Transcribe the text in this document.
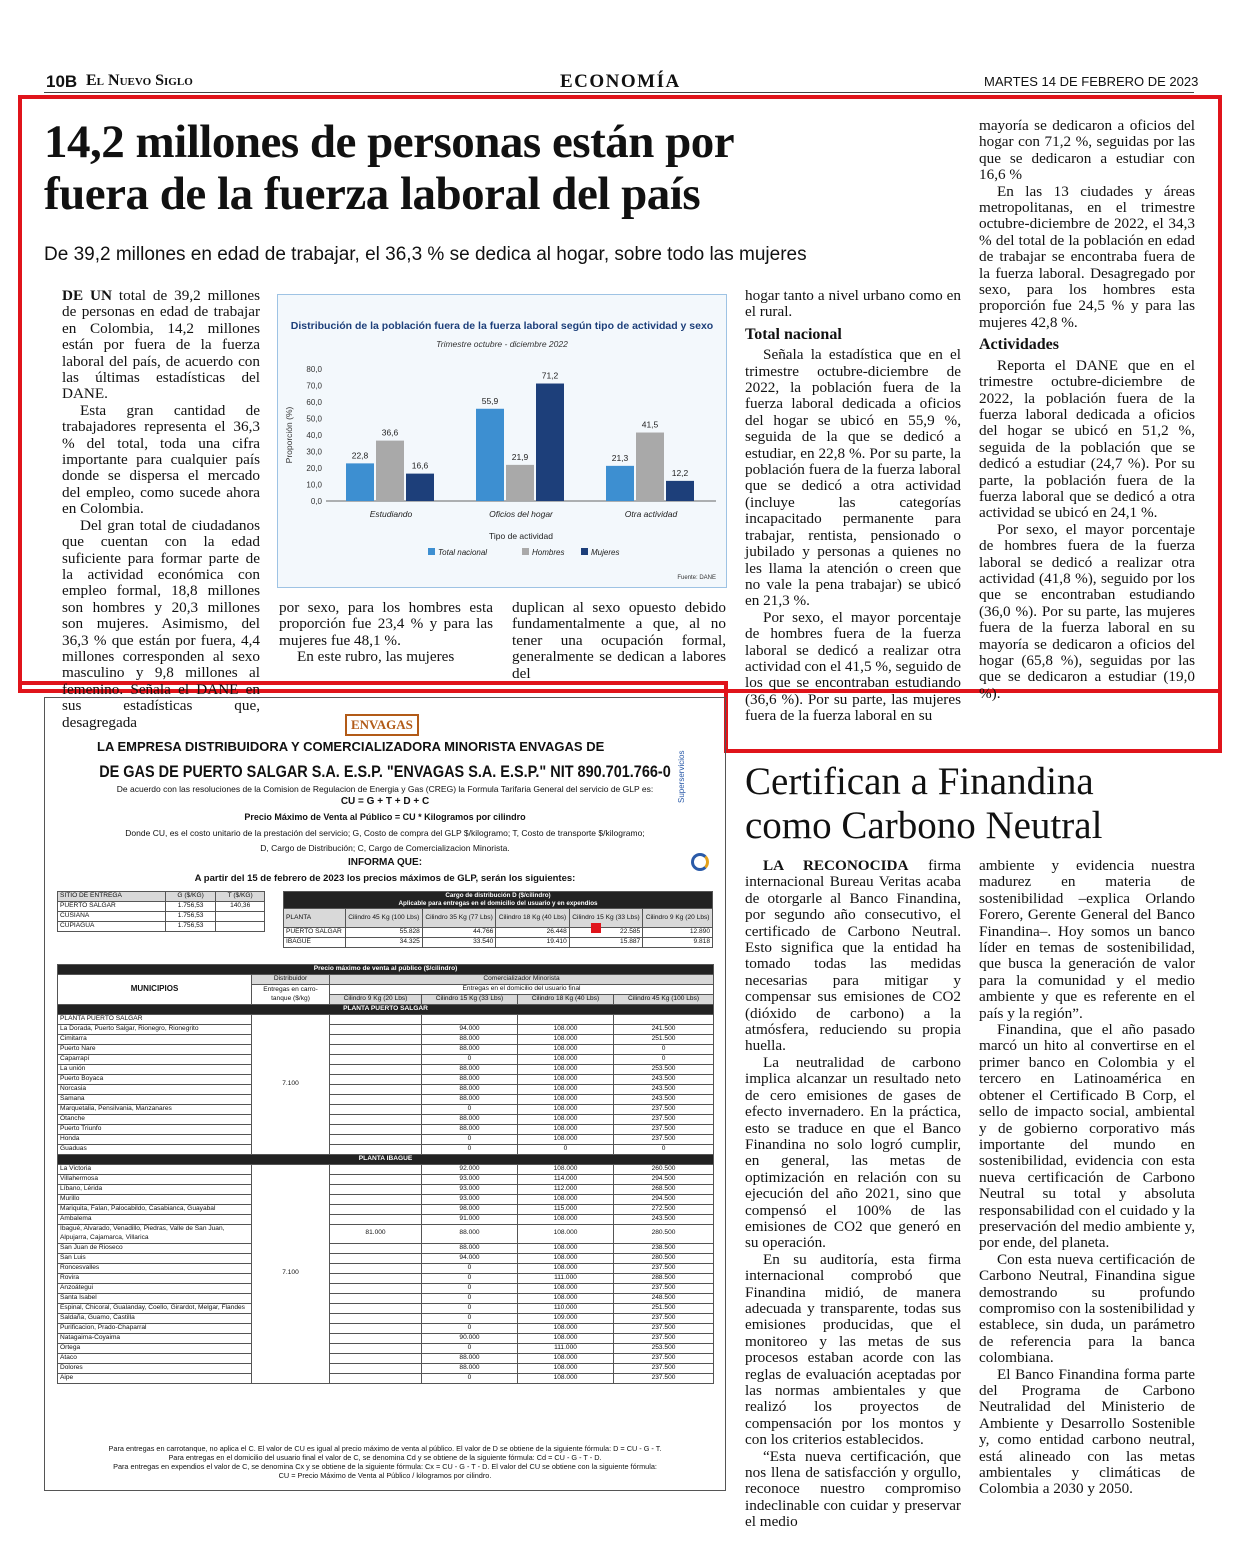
10B El Nuevo Siglo	ECONOMÍA	MARTES 14 DE FEBRERO DE 2023
14,2 millones de personas están por
fuera de la fuerza laboral del país
De 39,2 millones en edad de trabajar, el 36,3 % se dedica al hogar, sobre todo las mujeres

DE UN total de 39,2 millones de personas en edad de trabajar en Colombia, 14,2 millones están por fuera de la fuerza laboral del país, de acuerdo con las últimas estadísticas del DANE.

Esta gran cantidad de trabajadores representa el 36,3 % del total, toda una cifra importante para cualquier país donde se dispersa el mercado del empleo, como sucede ahora en Colombia.

Del gran total de ciudadanos que cuentan con la edad suficiente para formar parte de la actividad económica con empleo formal, 18,8 millones son hombres y 20,3 millones son mujeres. Asimismo, del 36,3 % que están por fuera, 4,4 millones corresponden al sexo masculino y 9,8 millones al femenino. Señala el DANE en sus estadísticas que, desagregada

Distribución de la población fuera de la fuerza laboral según tipo de actividad y sexo
Trimestre octubre - diciembre 2022
0,0
10,0
20,0
30,0
40,0
50,0
60,0
70,0
80,0
Proporción (%)	22,8
36,6
16,6
Estudiando
55,9
21,9
71,2
Oficios del hogar
21,3
41,5
12,2
Otra actividad
Tipo de actividad
Total nacional	Hombres	Mujeres
Fuente: DANE

por sexo, para los hombres esta proporción fue 23,4 % y para las mujeres fue 48,1 %.

En este rubro, las mujeres

duplican al sexo opuesto debido fundamentalmente a que, al no tener una ocupación formal, generalmente se dedican a labores del

hogar tanto a nivel urbano como en el rural.

Total nacional

Señala la estadística que en el trimestre octubre-diciembre de 2022, la población fuera de la fuerza laboral dedicada a oficios del hogar se ubicó en 55,9 %, seguida de la que se dedicó a estudiar, en 22,8 %. Por su parte, la población fuera de la fuerza laboral que se dedicó a otra actividad (incluye las categorías incapacitado permanente para trabajar, rentista, pensionado o jubilado y personas a quienes no les llama la atención o creen que no vale la pena trabajar) se ubicó en 21,3 %.

Por sexo, el mayor porcentaje de hombres fuera de la fuerza laboral se dedicó a realizar otra actividad con el 41,5 %, seguido de los que se encontraban estudiando (36,6 %). Por su parte, las mujeres fuera de la fuerza laboral en su

mayoría se dedicaron a oficios del hogar con 71,2 %, seguidas por las que se dedicaron a estudiar con 16,6 %

En las 13 ciudades y áreas metropolitanas, en el trimestre octubre-diciembre de 2022, el 34,3 % del total de la población en edad de trabajar se encontraba fuera de la fuerza laboral. Desagregado por sexo, para los hombres esta proporción fue 24,5 % y para las mujeres 42,8 %.

Actividades

Reporta el DANE que en el trimestre octubre-diciembre de 2022, la población fuera de la fuerza laboral dedicada a oficios del hogar se ubicó en 51,2 %, seguida de la población que se dedicó a estudiar (24,7 %). Por su parte, la población fuera de la fuerza laboral que se dedicó a otra actividad se ubicó en 24,1 %.

Por sexo, el mayor porcentaje de hombres fuera de la fuerza laboral se dedicó a realizar otra actividad (41,8 %), seguido por los que se encontraban estudiando (36,0 %). Por su parte, las mujeres fuera de la fuerza laboral en su mayoría se dedicaron a oficios del hogar (65,8 %), seguidas por las que se dedicaron a estudiar (19,0 %).

ENVAGAS
LA EMPRESA DISTRIBUIDORA Y COMERCIALIZADORA MINORISTA ENVAGAS DE
DE GAS DE PUERTO SALGAR S.A. E.S.P. "ENVAGAS S.A. E.S.P." NIT 890.701.766-0
De acuerdo con las resoluciones de la Comision de Regulacion de Energia y Gas (CREG) la Formula Tarifaria General del servicio de GLP es:
CU = G + T + D + C
Precio Máximo de Venta al Público = CU * Kilogramos por cilindro
Donde CU, es el costo unitario de la prestación del servicio; G, Costo de compra del GLP $/kilogramo; T, Costo de transporte $/kilogramo;
D, Cargo de Distribución; C, Cargo de Comercializacion Minorista.
INFORMA QUE:
A partir del 15 de febrero de 2023 los precios máximos de GLP, serán los siguientes:
Superservicios
SITIO DE ENTREGA	G ($/KG)	T ($/KG)
PUERTO SALGAR	1.756,53	140,36
CUSIANA	1.756,53	
CUPIAGUA	1.756,53	
Cargo de distribución D ($/cilindro)
Aplicable para entregas en el domicilio del usuario y en expendios					

PLANTA	Cilindro 45 Kg (100 Lbs)	Cilindro 35 Kg (77 Lbs)	Cilindro 18 Kg (40 Lbs)	Cilindro 15 Kg (33 Lbs)	Cilindro 9 Kg (20 Lbs)
PUERTO SALGAR	55.828	44.766	26.448	22.585	12.890
IBAGUE	34.325	33.540	19.410	15.887	9.818
Precio máximo de venta al público ($/cilindro)					
MUNICIPIOS	Distribuidor	Comercializador Minorista			
	Entregas en carro-tanque ($/kg)	Entregas en el domicilio del usuario final			
		Cilindro 9 Kg (20 Lbs)	Cilindro 15 Kg (33 Lbs)	Cilindro 18 Kg (40 Lbs)	Cilindro 45 Kg (100 Lbs)
PLANTA PUERTO SALGAR					
PLANTA PUERTO SALGAR	7.100				
La Dorada, Puerto Salgar, Rionegro, Rionegrito			94.000	108.000	241.500
Cimitarra			88.000	108.000	251.500
Puerto Nare			88.000	108.000	0
Caparrapí			0	108.000	0
La unión			88.000	108.000	253.500
Puerto Boyaca			88.000	108.000	243.500
Norcasia			88.000	108.000	243.500
Samana			88.000	108.000	243.500
Marquetalia, Pensilvania, Manzanares			0	108.000	237.500
Otanche			88.000	108.000	237.500
Puerto Triunfo			88.000	108.000	237.500
Honda			0	108.000	237.500
Guaduas			0	0	0
PLANTA IBAGUE					
La Victoria	7.100		92.000	108.000	260.500
Villahermosa			93.000	114.000	294.500
Líbano, Lérida			93.000	112.000	268.500
Murillo			93.000	108.000	294.500
Mariquita, Falan, Palocabildo, Casabianca, Guayabal			98.000	115.000	272.500
Ambalema			91.000	108.000	243.500
Ibagué, Alvarado, Venadillo, Piedras, Valle de San Juan, Alpujarra, Cajamarca, Villarica		81.000	88.000	108.000	280.500
San Juan de Rioseco			88.000	108.000	238.500
San Luis			94.000	108.000	280.500
Roncesvalles			0	108.000	237.500
Rovira			0	111.000	288.500
Anzoátegui			0	108.000	237.500
Santa Isabel			0	108.000	248.500
Espinal, Chicoral, Gualanday, Coello, Girardot, Melgar, Flandes			0	110.000	251.500
Saldaña, Guamo, Castilla			0	109.000	237.500
Purificacion, Prado-Chaparral			0	108.000	237.500
Natagaima-Coyaima			90.000	108.000	237.500
Ortega			0	111.000	253.500
Ataco			88.000	108.000	237.500
Dolores			88.000	108.000	237.500
Aipe			0	108.000	237.500
Para entregas en carrotanque, no aplica el C. El valor de CU es igual al precio máximo de venta al público. El valor de D se obtiene de la siguiente fórmula: D = CU - G - T.
Para entregas en el domicilio del usuario final el valor de C, se denomina Cd y se obtiene de la siguiente fórmula: Cd = CU - G - T - D.
Para entregas en expendios el valor de C, se denomina Cx y se obtiene de la siguiente fórmula: Cx = CU - G - T - D. El valor del CU se obtiene con la siguiente fórmula:
CU = Precio Máximo de Venta al Público / kilogramos por cilindro.
Certifican a Finandina
como Carbono Neutral

LA RECONOCIDA firma internacional Bureau Veritas acaba de otorgarle al Banco Finandina, por segundo año consecutivo, el certificado de Carbono Neutral. Esto significa que la entidad ha tomado todas las medidas necesarias para mitigar y compensar sus emisiones de CO2 (dióxido de carbono) a la atmósfera, reduciendo su propia huella.

La neutralidad de carbono implica alcanzar un resultado neto de cero emisiones de gases de efecto invernadero. En la práctica, esto se traduce en que el Banco Finandina no solo logró cumplir, en general, las metas de optimización en relación con su ejecución del año 2021, sino que compensó el 100% de las emisiones de CO2 que generó en su operación.

En su auditoría, esta firma internacional comprobó que Finandina midió, de manera adecuada y transparente, todas sus emisiones producidas, que el monitoreo y las metas de sus procesos estaban acorde con las reglas de evaluación aceptadas por las normas ambientales y que realizó los proyectos de compensación por los montos y con los criterios establecidos.

“Esta nueva certificación, que nos llena de satisfacción y orgullo, reconoce nuestro compromiso indeclinable con cuidar y preservar el medio

ambiente y evidencia nuestra madurez en materia de sostenibilidad –explica Orlando Forero, Gerente General del Banco Finandina–. Hoy somos un banco líder en temas de sostenibilidad, que busca la generación de valor para la comunidad y el medio ambiente y que es referente en el país y la región”.

Finandina, que el año pasado marcó un hito al convertirse en el primer banco en Colombia y el tercero en Latinoamérica en obtener el Certificado B Corp, el sello de impacto social, ambiental y de gobierno corporativo más importante del mundo en sostenibilidad, evidencia con esta nueva certificación de Carbono Neutral su total y absoluta responsabilidad con el cuidado y la preservación del medio ambiente y, por ende, del planeta.

Con esta nueva certificación de Carbono Neutral, Finandina sigue demostrando su profundo compromiso con la sostenibilidad y establece, sin duda, un parámetro de referencia para la banca colombiana.

El Banco Finandina forma parte del Programa de Carbono Neutralidad del Ministerio de Ambiente y Desarrollo Sostenible y, como entidad carbono neutral, está alineado con las metas ambientales y climáticas de Colombia a 2030 y 2050.
